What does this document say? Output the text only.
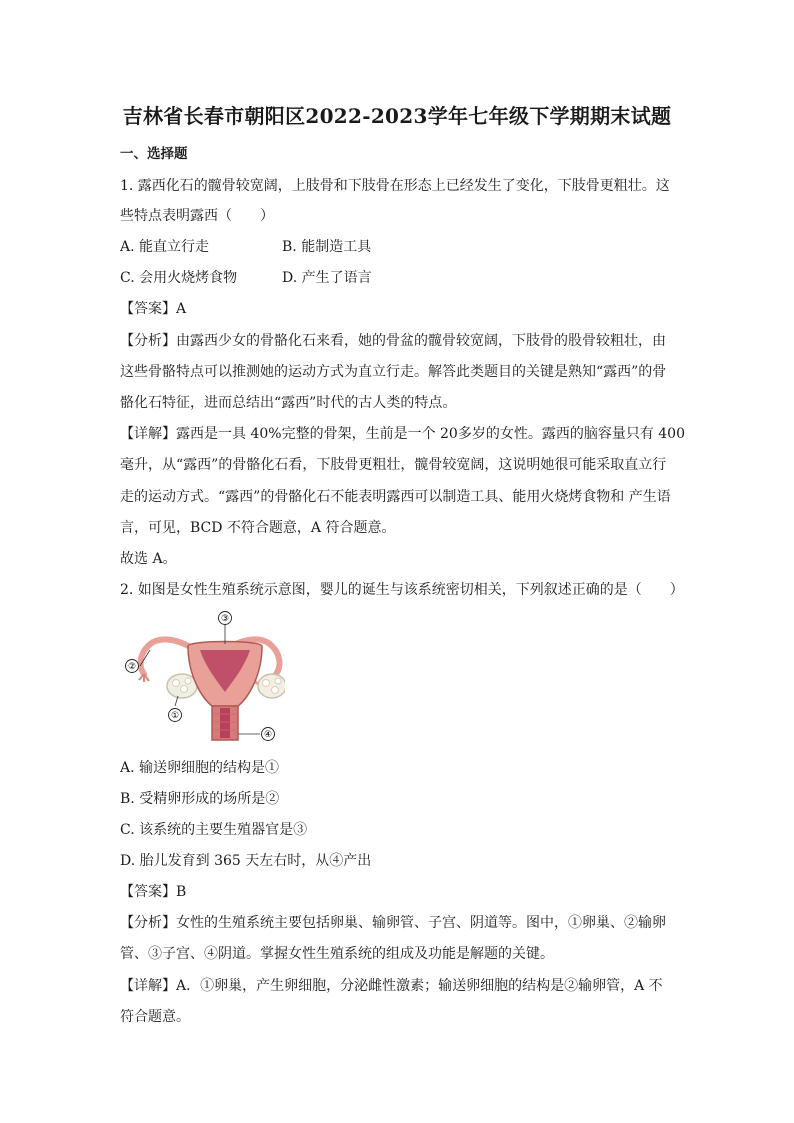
吉林省长春市朝阳区2022-2023学年七年级下学期期末试题
一、选择题
1. 露西化石的髋骨较宽阔，上肢骨和下肢骨在形态上已经发生了变化，下肢骨更粗壮。这
些特点表明露西（　　）
A. 能直立行走	B. 能制造工具
C. 会用火烧烤食物	D. 产生了语言
【答案】A
【分析】由露西少女的骨骼化石来看，她的骨盆的髋骨较宽阔，下肢骨的股骨较粗壮，由
这些骨骼特点可以推测她的运动方式为直立行走。解答此类题目的关键是熟知“露西”的骨
骼化石特征，进而总结出“露西”时代的古人类的特点。
【详解】露西是一具 40%完整的骨架，生前是一个 20多岁的女性。露西的脑容量只有 400
毫升，从“露西”的骨骼化石看，下肢骨更粗壮，髋骨较宽阔，这说明她很可能采取直立行
走的运动方式。“露西”的骨骼化石不能表明露西可以制造工具、能用火烧烤食物和 产生语
言，可见，BCD 不符合题意，A 符合题意。
故选 A。
2. 如图是女性生殖系统示意图，婴儿的诞生与该系统密切相关，下列叙述正确的是（　　）
③
②
①
④
A. 输送卵细胞的结构是①
B. 受精卵形成的场所是②
C. 该系统的主要生殖器官是③
D. 胎儿发育到 365 天左右时，从④产出
【答案】B
【分析】女性的生殖系统主要包括卵巢、输卵管、子宫、阴道等。图中，①卵巢、②输卵
管、③子宫、④阴道。掌握女性生殖系统的组成及功能是解题的关键。
【详解】A．①卵巢，产生卵细胞，分泌雌性激素；输送卵细胞的结构是②输卵管，A 不
符合题意。
